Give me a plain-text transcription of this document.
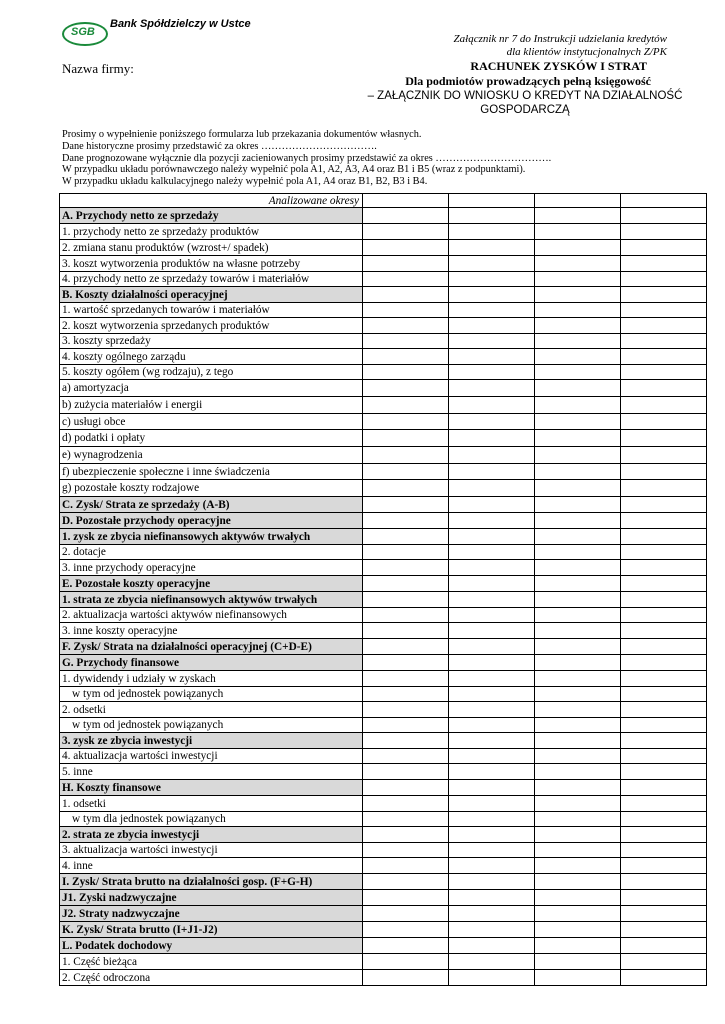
SGB
Bank Spółdzielczy w Ustce
Załącznik nr 7 do Instrukcji udzielania kredytów
dla klientów instytucjonalnych Z/PK
Nazwa firmy:	RACHUNEK ZYSKÓW I STRAT
Dla podmiotów prowadzących pełną księgowość
– ZAŁĄCZNIK DO WNIOSKU O KREDYT NA DZIAŁALNOŚĆ
GOSPODARCZĄ
Prosimy o wypełnienie poniższego formularza lub przekazania dokumentów własnych.
Dane historyczne prosimy przedstawić za okres …………………………….
Dane prognozowane wyłącznie dla pozycji zacieniowanych prosimy przedstawić za okres …………………………….
W przypadku układu porównawczego należy wypełnić pola A1, A2, A3, A4 oraz B1 i B5 (wraz z podpunktami).
W przypadku układu kalkulacyjnego należy wypełnić pola A1, A4 oraz B1, B2, B3 i B4.
Analizowane okresy				
A. Przychody netto ze sprzedaży				
1. przychody netto ze sprzedaży produktów				
2. zmiana stanu produktów (wzrost+/ spadek)				
3. koszt wytworzenia produktów na własne potrzeby				
4. przychody netto ze sprzedaży towarów i materiałów				
B. Koszty działalności operacyjnej				
1. wartość sprzedanych towarów i materiałów				
2. koszt wytworzenia sprzedanych produktów				
3. koszty sprzedaży				
4. koszty ogólnego zarządu				
5. koszty ogółem (wg rodzaju), z tego				
a) amortyzacja				
b) zużycia materiałów i energii				
c) usługi obce				
d) podatki i opłaty				
e) wynagrodzenia				
f) ubezpieczenie społeczne i inne świadczenia				
g) pozostałe koszty rodzajowe				
C. Zysk/ Strata ze sprzedaży (A-B)				
D. Pozostałe przychody operacyjne				
1. zysk ze zbycia niefinansowych aktywów trwałych				
2. dotacje				
3. inne przychody operacyjne				
E. Pozostałe koszty operacyjne				
1. strata ze zbycia niefinansowych aktywów trwałych				
2. aktualizacja wartości aktywów niefinansowych				
3. inne koszty operacyjne				
F. Zysk/ Strata na działalności operacyjnej (C+D-E)				
G. Przychody finansowe				
1. dywidendy i udziały w zyskach				
w tym od jednostek powiązanych				
2. odsetki				
w tym od jednostek powiązanych				
3. zysk ze zbycia inwestycji				
4. aktualizacja wartości inwestycji				
5. inne				
H. Koszty finansowe				
1. odsetki				
w tym dla jednostek powiązanych				
2. strata ze zbycia inwestycji				
3. aktualizacja wartości inwestycji				
4. inne				
I. Zysk/ Strata brutto na działalności gosp. (F+G-H)				
J1. Zyski nadzwyczajne				
J2. Straty nadzwyczajne				
K. Zysk/ Strata brutto (I+J1-J2)				
L. Podatek dochodowy				
1. Część bieżąca				
2. Część odroczona				
